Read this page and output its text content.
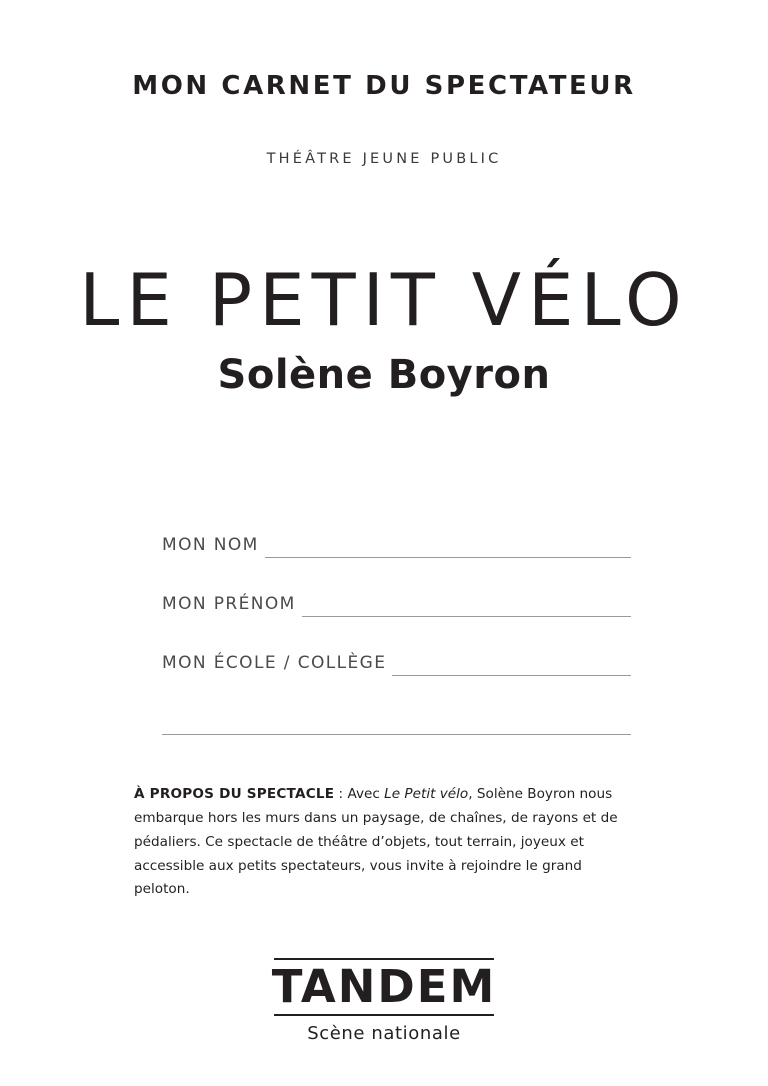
MON CARNET DU SPECTATEUR
THÉÂTRE JEUNE PUBLIC
LE PETIT VÉLO
Solène Boyron
MON NOM
MON PRÉNOM
MON ÉCOLE / COLLÈGE
À PROPOS DU SPECTACLE : Avec Le Petit vélo, Solène Boyron nous embarque hors les murs dans un paysage, de chaînes, de rayons et de pédaliers. Ce spectacle de théâtre d’objets, tout terrain, joyeux et accessible aux petits spectateurs, vous invite à rejoindre le grand peloton.
TANDEM
Scène nationale
